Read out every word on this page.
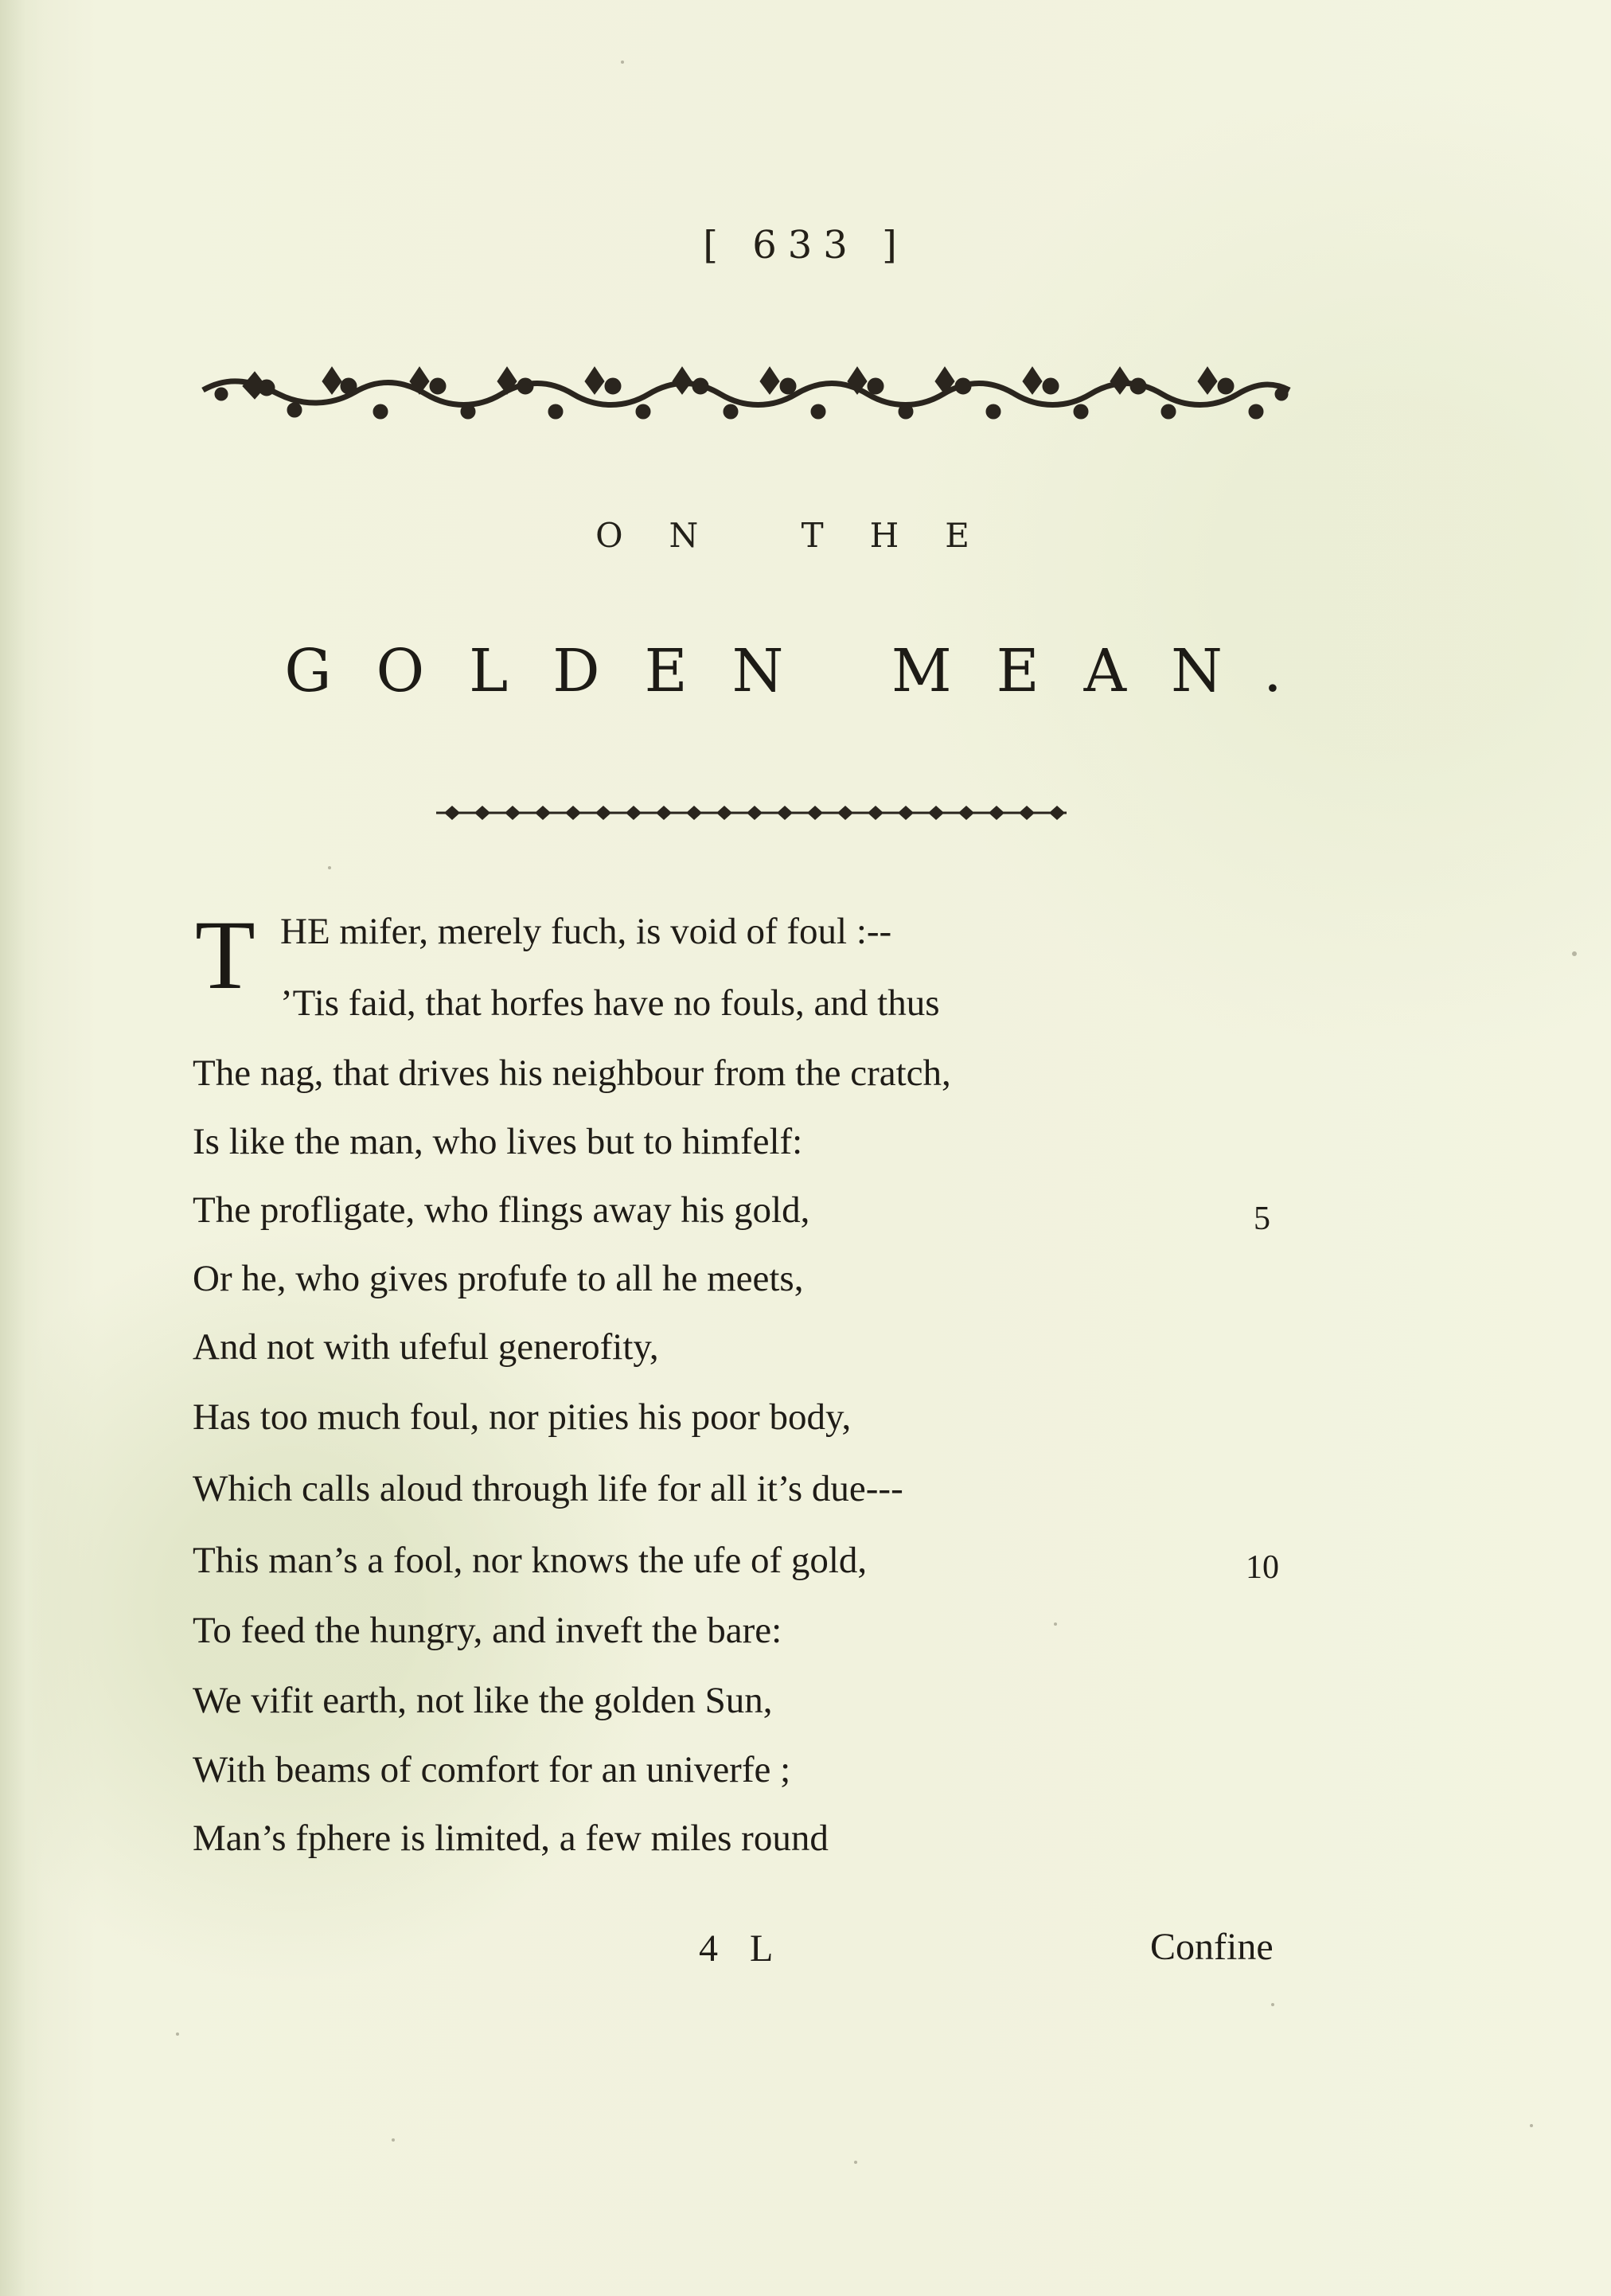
[ 633 ]
ON THE
GOLDEN MEAN.
T HE mifer, merely fuch, is void of foul :--
’Tis faid, that horfes have no fouls, and thus
The nag, that drives his neighbour from the cratch,
Is like the man, who lives but to himfelf:
The profligate, who flings away his gold,
Or he, who gives profufe to all he meets,
And not with ufeful generofity,
Has too much foul, nor pities his poor body,
Which calls aloud through life for all it’s due---
This man’s a fool, nor knows the ufe of gold,
To feed the hungry, and inveft the bare:
We vifit earth, not like the golden Sun,
With beams of comfort for an univerfe ;
Man’s fphere is limited, a few miles round
5
10
4 L	Confine
